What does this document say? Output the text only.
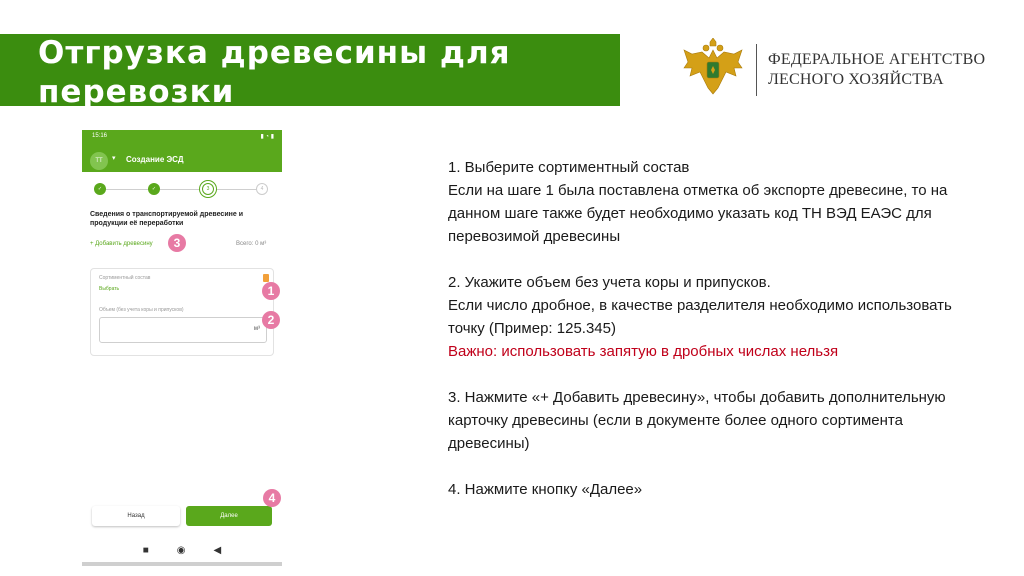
Отгрузка древесины для перевозки
ФЕДЕРАЛЬНОЕ АГЕНТСТВО
ЛЕСНОГО ХОЗЯЙСТВА
15:16	▮ ◔ ▮
ТТ	▾ Создание ЭСД
✓	✓	3	4
Сведения о транспортируемой древесине и продукции её переработки
+ Добавить древесину	Всего: 0 м³
Сортиментный состав
Выбрать
Объем (без учета коры и припусков)
м³
Назад	Далее
■	◉	◀
3
1
2
4

1. Выберите сортиментный состав
Если на шаге 1 была поставлена отметка об экспорте древесине, то на данном шаге также будет необходимо указать код ТН ВЭД ЕАЭС для перевозимой древесины

2. Укажите объем без учета коры и припусков.
Если число дробное, в качестве разделителя необходимо использовать точку (Пример: 125.345)
Важно: использовать запятую в дробных числах нельзя

3. Нажмите «+ Добавить древесину», чтобы добавить дополнительную карточку древесины (если в документе более одного сортимента древесины)

4. Нажмите кнопку «Далее»
